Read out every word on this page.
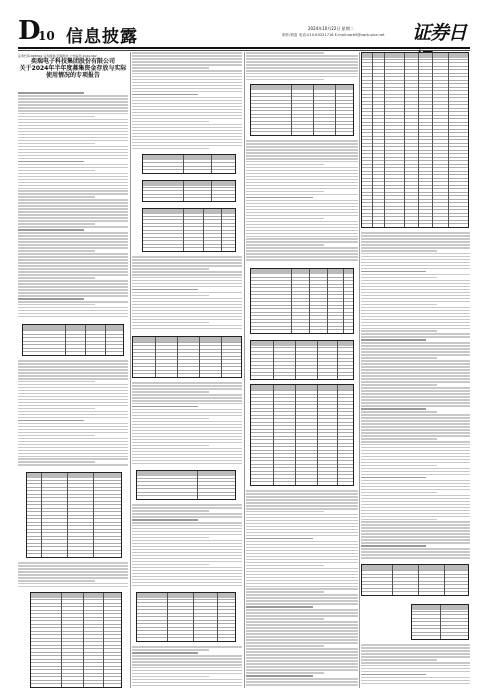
D
10 信息披露	2024年10月22日 星期二
制作/邢雷 电话:010-83251716 E-mail:zqrb9@zqrb.sina.net 证券日
证券代码:688301 证券简称:奕瑞科技 公告编号:2024-062
奕瑞电子科技集团股份有限公司
关于2024年半年度募集资金存放与实际
使用情况的专项报告
